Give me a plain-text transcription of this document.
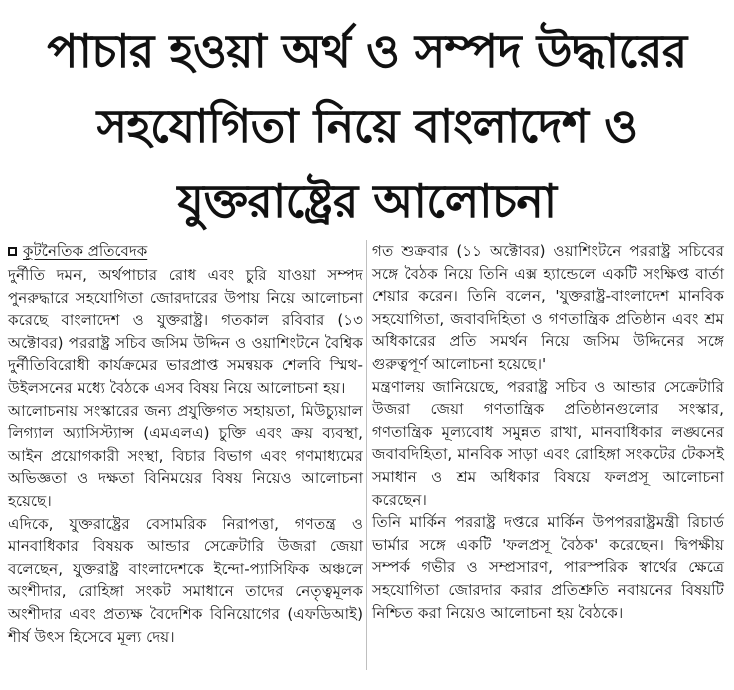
পাচার হওয়া অর্থ ও সম্পদ উদ্ধারের
সহযোগিতা নিয়ে বাংলাদেশ ও
যুক্তরাষ্ট্রের আলোচনা
কূটনৈতিক প্রতিবেদক

দুর্নীতি দমন, অর্থপাচার রোধ এবং চুরি যাওয়া সম্পদ পুনরুদ্ধারে সহযোগিতা জোরদারের উপায় নিয়ে আলোচনা করেছে বাংলাদেশ ও যুক্তরাষ্ট্র। গতকাল রবিবার (১৩ অক্টোবর) পররাষ্ট্র সচিব জসিম উদ্দিন ও ওয়াশিংটনে বৈশ্বিক দুর্নীতিবিরোধী কার্যক্রমের ভারপ্রাপ্ত সমন্বয়ক শেলবি স্মিথ-উইলসনের মধ্যে বৈঠকে এসব বিষয় নিয়ে আলোচনা হয়।

আলোচনায় সংস্কারের জন্য প্রযুক্তিগত সহায়তা, মিউচ্যুয়াল লিগ্যাল অ্যাসিস্ট্যান্স (এমএলএ) চুক্তি এবং ক্রয় ব্যবস্থা, আইন প্রয়োগকারী সংস্থা, বিচার বিভাগ এবং গণমাধ্যমের অভিজ্ঞতা ও দক্ষতা বিনিময়ের বিষয় নিয়েও আলোচনা হয়েছে।

এদিকে, যুক্তরাষ্ট্রের বেসামরিক নিরাপত্তা, গণতন্ত্র ও মানবাধিকার বিষয়ক আন্ডার সেক্রেটারি উজরা জেয়া বলেছেন, যুক্তরাষ্ট্র বাংলাদেশকে ইন্দো-প্যাসিফিক অঞ্চলে অংশীদার, রোহিঙ্গা সংকট সমাধানে তাদের নেতৃত্বমূলক অংশীদার এবং প্রত্যক্ষ বৈদেশিক বিনিয়োগের (এফডিআই) শীর্ষ উৎস হিসেবে মূল্য দেয়।

গত শুক্রবার (১১ অক্টোবর) ওয়াশিংটনে পররাষ্ট্র সচিবের সঙ্গে বৈঠক নিয়ে তিনি এক্স হ্যান্ডেলে একটি সংক্ষিপ্ত বার্তা শেয়ার করেন। তিনি বলেন, 'যুক্তরাষ্ট্র-বাংলাদেশ মানবিক সহযোগিতা, জবাবদিহিতা ও গণতান্ত্রিক প্রতিষ্ঠান এবং শ্রম অধিকারের প্রতি সমর্থন নিয়ে জসিম উদ্দিনের সঙ্গে গুরুত্বপূর্ণ আলোচনা হয়েছে।'

মন্ত্রণালয় জানিয়েছে, পররাষ্ট্র সচিব ও আন্ডার সেক্রেটারি উজরা জেয়া গণতান্ত্রিক প্রতিষ্ঠানগুলোর সংস্কার, গণতান্ত্রিক মূল্যবোধ সমুন্নত রাখা, মানবাধিকার লঙ্ঘনের জবাবদিহিতা, মানবিক সাড়া এবং রোহিঙ্গা সংকটের টেকসই সমাধান ও শ্রম অধিকার বিষয়ে ফলপ্রসূ আলোচনা করেছেন।

তিনি মার্কিন পররাষ্ট্র দপ্তরে মার্কিন উপপররাষ্ট্রমন্ত্রী রিচার্ড ভার্মার সঙ্গে একটি 'ফলপ্রসূ বৈঠক' করেছেন। দ্বিপক্ষীয় সম্পর্ক গভীর ও সম্প্রসারণ, পারস্পরিক স্বার্থের ক্ষেত্রে সহযোগিতা জোরদার করার প্রতিশ্রুতি নবায়নের বিষয়টি নিশ্চিত করা নিয়েও আলোচনা হয় বৈঠকে।
